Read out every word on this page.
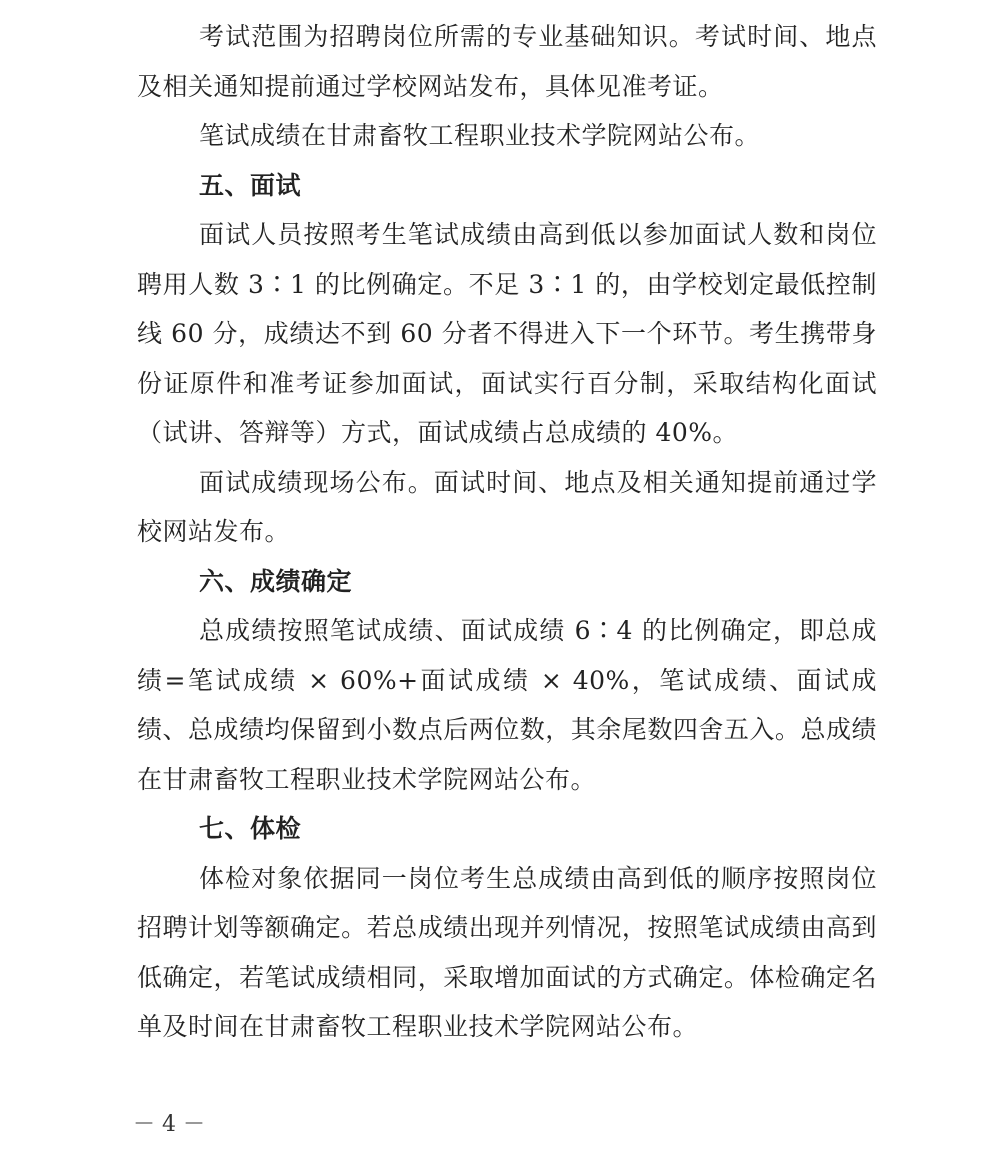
考试范围为招聘岗位所需的专业基础知识。考试时间、地点及相关通知提前通过学校网站发布，具体见准考证。

笔试成绩在甘肃畜牧工程职业技术学院网站公布。

五、面试

面试人员按照考生笔试成绩由高到低以参加面试人数和岗位聘用人数 3∶1 的比例确定。不足 3∶1 的，由学校划定最低控制线 60 分，成绩达不到 60 分者不得进入下一个环节。考生携带身份证原件和准考证参加面试，面试实行百分制，采取结构化面试（试讲、答辩等）方式，面试成绩占总成绩的 40%。

面试成绩现场公布。面试时间、地点及相关通知提前通过学校网站发布。

六、成绩确定

总成绩按照笔试成绩、面试成绩 6∶4 的比例确定，即总成绩=笔试成绩 × 60%+面试成绩 × 40%，笔试成绩、面试成绩、总成绩均保留到小数点后两位数，其余尾数四舍五入。总成绩在甘肃畜牧工程职业技术学院网站公布。

七、体检

体检对象依据同一岗位考生总成绩由高到低的顺序按照岗位招聘计划等额确定。若总成绩出现并列情况，按照笔试成绩由高到低确定，若笔试成绩相同，采取增加面试的方式确定。体检确定名单及时间在甘肃畜牧工程职业技术学院网站公布。

－ 4 －
